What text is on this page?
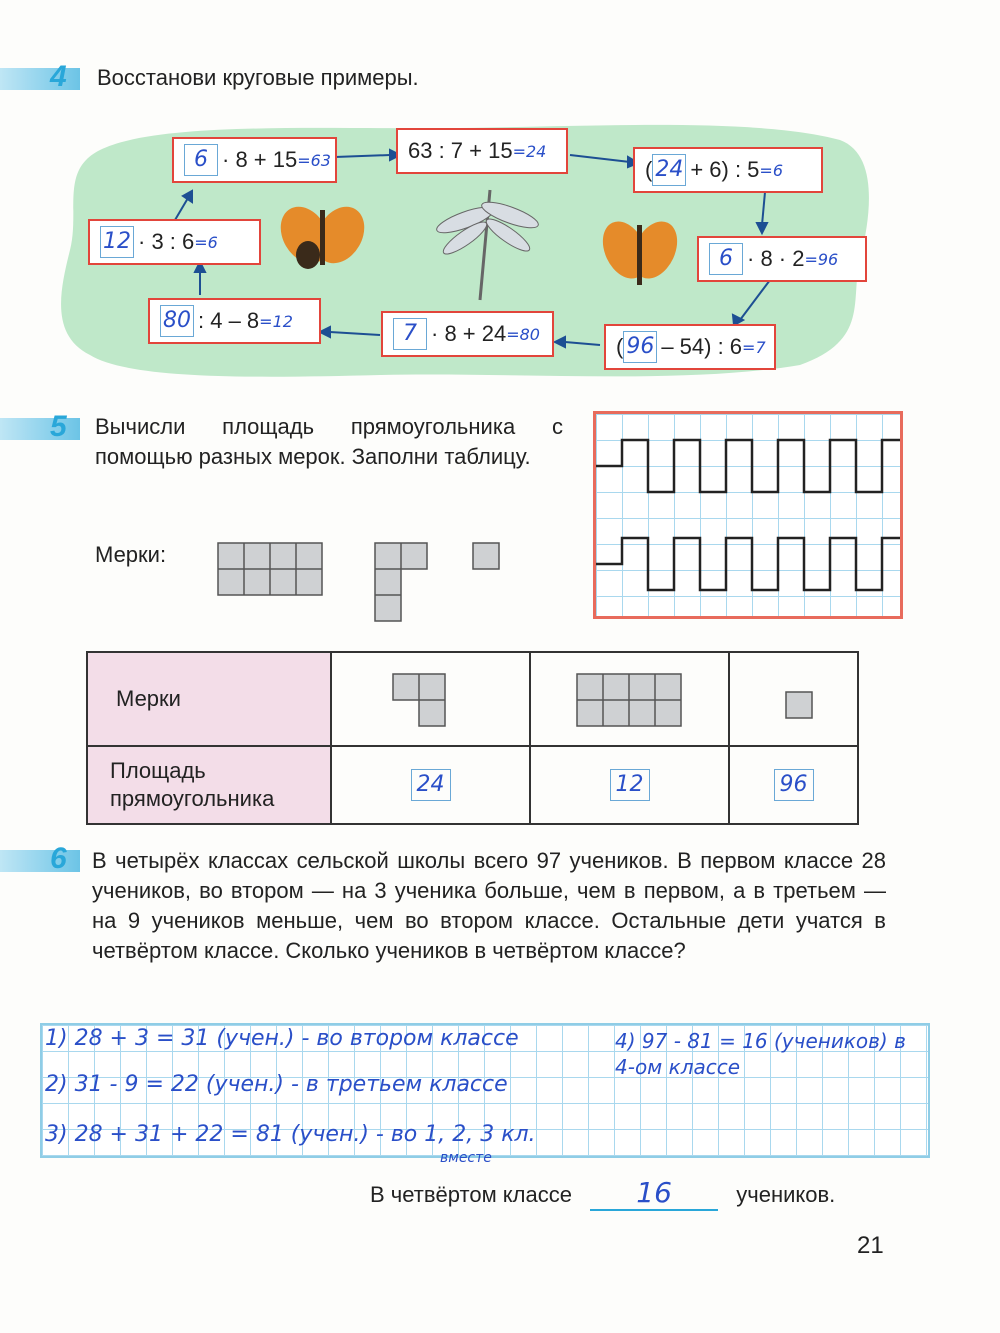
4 Восстанови круговые примеры.
6 · 8 + 15 =63	63 : 7 + 15 =24
( 24 + 6) : 5 =6
6 · 8 · 2 =96
( 96 – 54) : 6 =7
7 · 8 + 24 =80
80 : 4 – 8 =12
12 · 3 : 6 =6
5 Вычисли площадь прямоугольника с помощью разных мерок. Заполни таблицу.
Мерки:
Мерки			
Площадь прямоугольника	24	12	96
6 В четырёх классах сельской школы всего 97 учеников. В первом классе 28 учеников, во втором — на 3 ученика больше, чем в первом, а в третьем — на 9 учеников меньше, чем во втором классе. Остальные дети учатся в четвёртом классе. Сколько учеников в четвёртом классе?
1) 28 + 3 = 31 (учен.) - во втором классе
2) 31 - 9 = 22 (учен.) - в третьем классе
3) 28 + 31 + 22 = 81 (учен.) - во 1, 2, 3 кл.
4) 97 - 81 = 16 (учеников) в 4-ом классе
вместе
В четвёртом классе 16	учеников.
21
